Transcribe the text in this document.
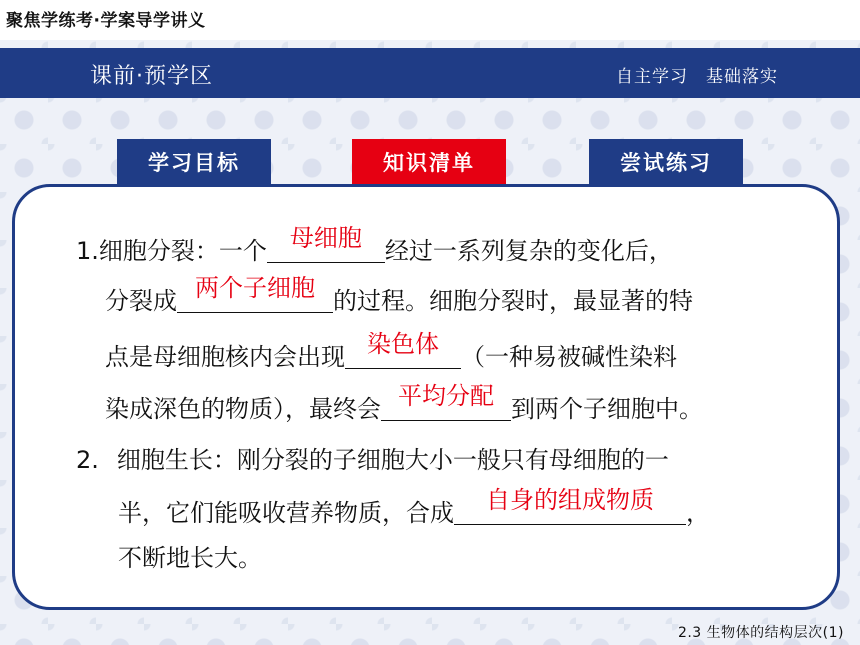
聚焦学练考·学案导学讲义
课前·预学区	自主学习　基础落实
学习目标	知识清单	尝试练习
1.细胞分裂：一个 母细胞 经过一系列复杂的变化后，
分裂成 两个子细胞 的过程。细胞分裂时，最显著的特
点是母细胞核内会出现 染色体 （一种易被碱性染料
染成深色的物质），最终会 平均分配 到两个子细胞中。
2. 细胞生长：刚分裂的子细胞大小一般只有母细胞的一
半，它们能吸收营养物质，合成	自身的组成物质	，
不断地长大。
2.3 生物体的结构层次(1)
